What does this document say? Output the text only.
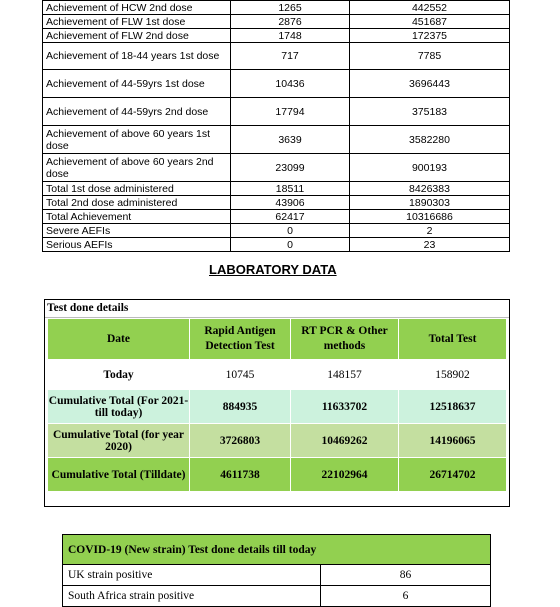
Achievement of HCW 2nd dose	1265	442552
Achievement of FLW 1st dose	2876	451687
Achievement of FLW 2nd dose	1748	172375
Achievement of 18-44 years 1st dose	717	7785
Achievement of 44-59yrs 1st dose	10436	3696443
Achievement of 44-59yrs 2nd dose	17794	375183
Achievement of above 60 years 1st dose	3639	3582280
Achievement of above 60 years 2nd dose	23099	900193
Total 1st dose administered	18511	8426383
Total 2nd dose administered	43906	1890303
Total Achievement	62417	10316686
Severe AEFIs	0	2
Serious AEFIs	0	23
LABORATORY DATA
Test done details
Date	Rapid Antigen Detection Test	RT PCR & Other methods	Total Test
Today	10745	148157	158902
Cumulative Total (For 2021- till today)	884935	11633702	12518637
Cumulative Total (for year 2020)	3726803	10469262	14196065
Cumulative Total (Tilldate)	4611738	22102964	26714702
COVID-19 (New strain) Test done details till today	
UK strain positive	86
South Africa strain positive	6
